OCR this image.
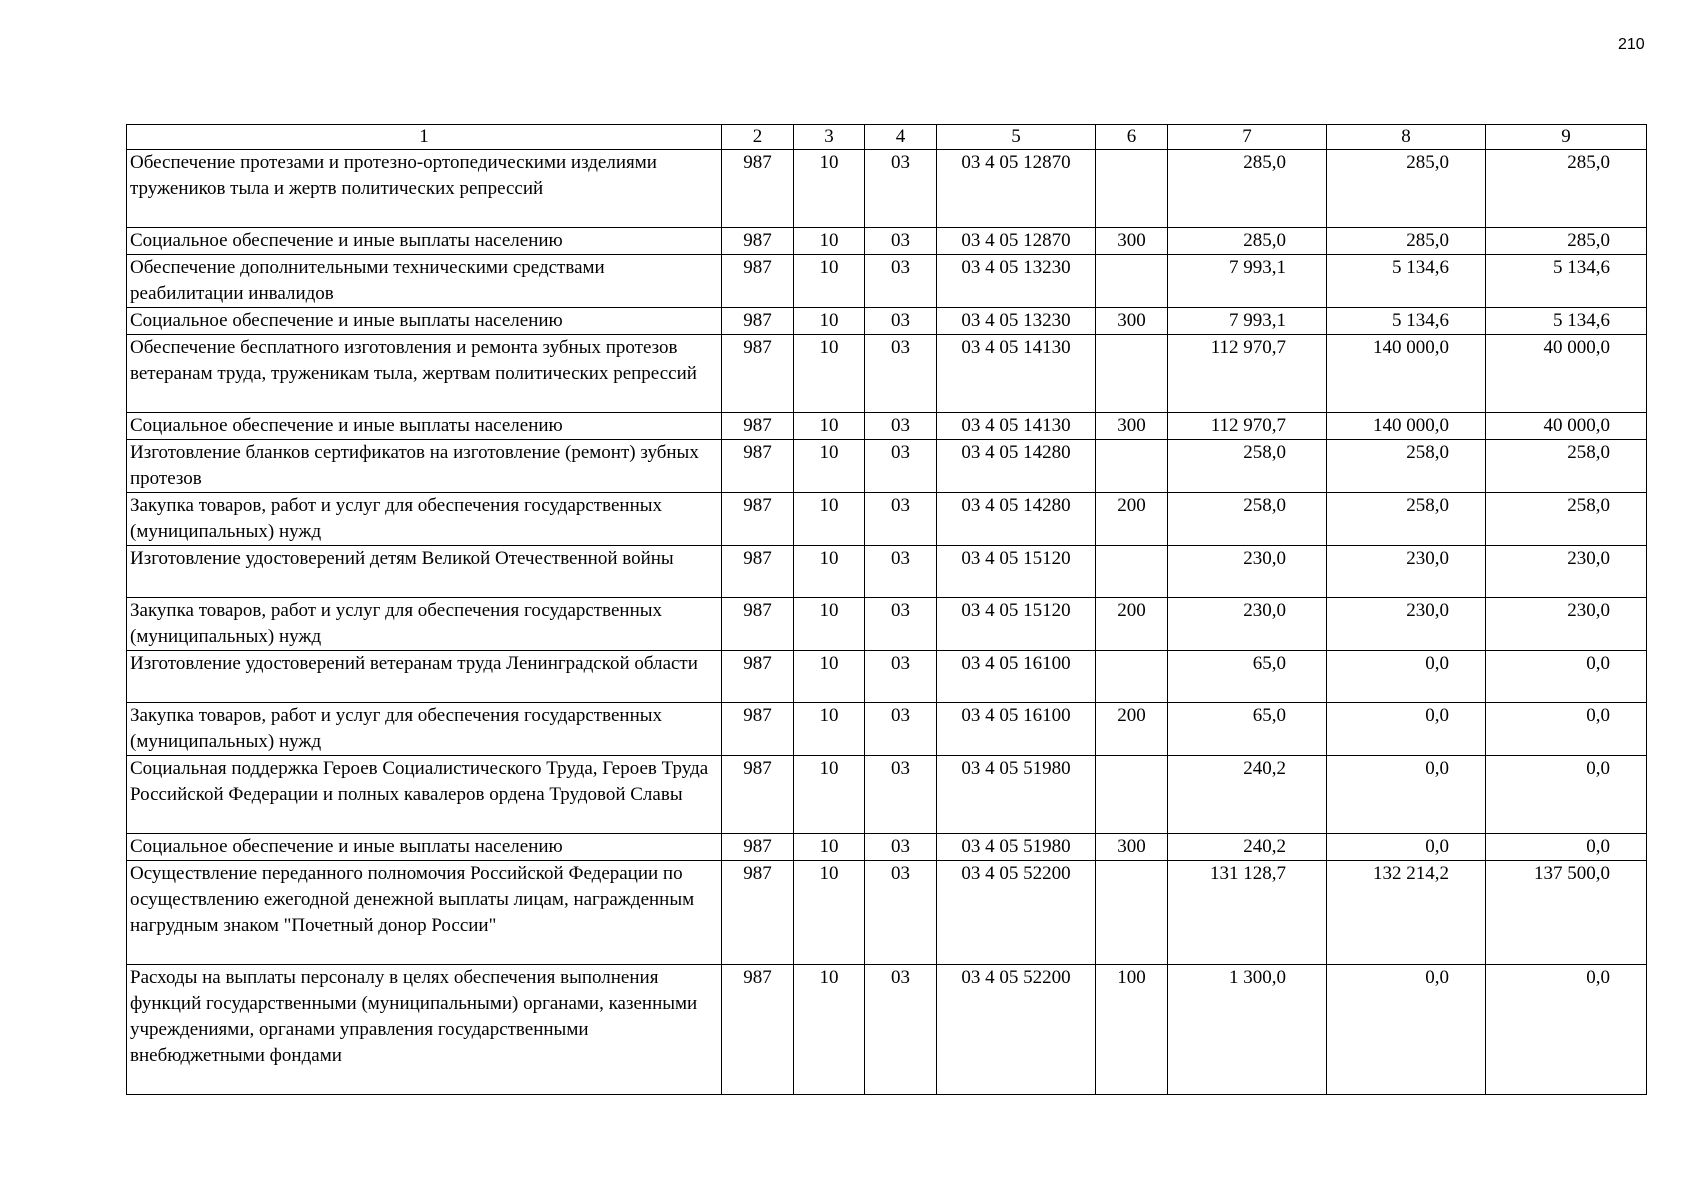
210
1	2	3	4	5	6	7	8	9
Обеспечение протезами и протезно-ортопедическими изделиями тружеников тыла и жертв политических репрессий	987	10	03	03 4 05 12870		285,0	285,0	285,0
Социальное обеспечение и иные выплаты населению	987	10	03	03 4 05 12870	300	285,0	285,0	285,0
Обеспечение дополнительными техническими средствами реабилитации инвалидов	987	10	03	03 4 05 13230		7 993,1	5 134,6	5 134,6
Социальное обеспечение и иные выплаты населению	987	10	03	03 4 05 13230	300	7 993,1	5 134,6	5 134,6
Обеспечение бесплатного изготовления и ремонта зубных протезов ветеранам труда, труженикам тыла, жертвам политических репрессий	987	10	03	03 4 05 14130		112 970,7	140 000,0	40 000,0
Социальное обеспечение и иные выплаты населению	987	10	03	03 4 05 14130	300	112 970,7	140 000,0	40 000,0
Изготовление бланков сертификатов на изготовление (ремонт) зубных протезов	987	10	03	03 4 05 14280		258,0	258,0	258,0
Закупка товаров, работ и услуг для обеспечения государственных (муниципальных) нужд	987	10	03	03 4 05 14280	200	258,0	258,0	258,0
Изготовление удостоверений детям Великой Отечественной войны	987	10	03	03 4 05 15120		230,0	230,0	230,0
Закупка товаров, работ и услуг для обеспечения государственных (муниципальных) нужд	987	10	03	03 4 05 15120	200	230,0	230,0	230,0
Изготовление удостоверений ветеранам труда Ленинградской области	987	10	03	03 4 05 16100		65,0	0,0	0,0
Закупка товаров, работ и услуг для обеспечения государственных (муниципальных) нужд	987	10	03	03 4 05 16100	200	65,0	0,0	0,0
Социальная поддержка Героев Социалистического Труда, Героев Труда Российской Федерации и полных кавалеров ордена Трудовой Славы	987	10	03	03 4 05 51980		240,2	0,0	0,0
Социальное обеспечение и иные выплаты населению	987	10	03	03 4 05 51980	300	240,2	0,0	0,0
Осуществление переданного полномочия Российской Федерации по осуществлению ежегодной денежной выплаты лицам, награжденным нагрудным знаком "Почетный донор России"	987	10	03	03 4 05 52200		131 128,7	132 214,2	137 500,0
Расходы на выплаты персоналу в целях обеспечения выполнения функций государственными (муниципальными) органами, казенными учреждениями, органами управления государственными внебюджетными фондами	987	10	03	03 4 05 52200	100	1 300,0	0,0	0,0
